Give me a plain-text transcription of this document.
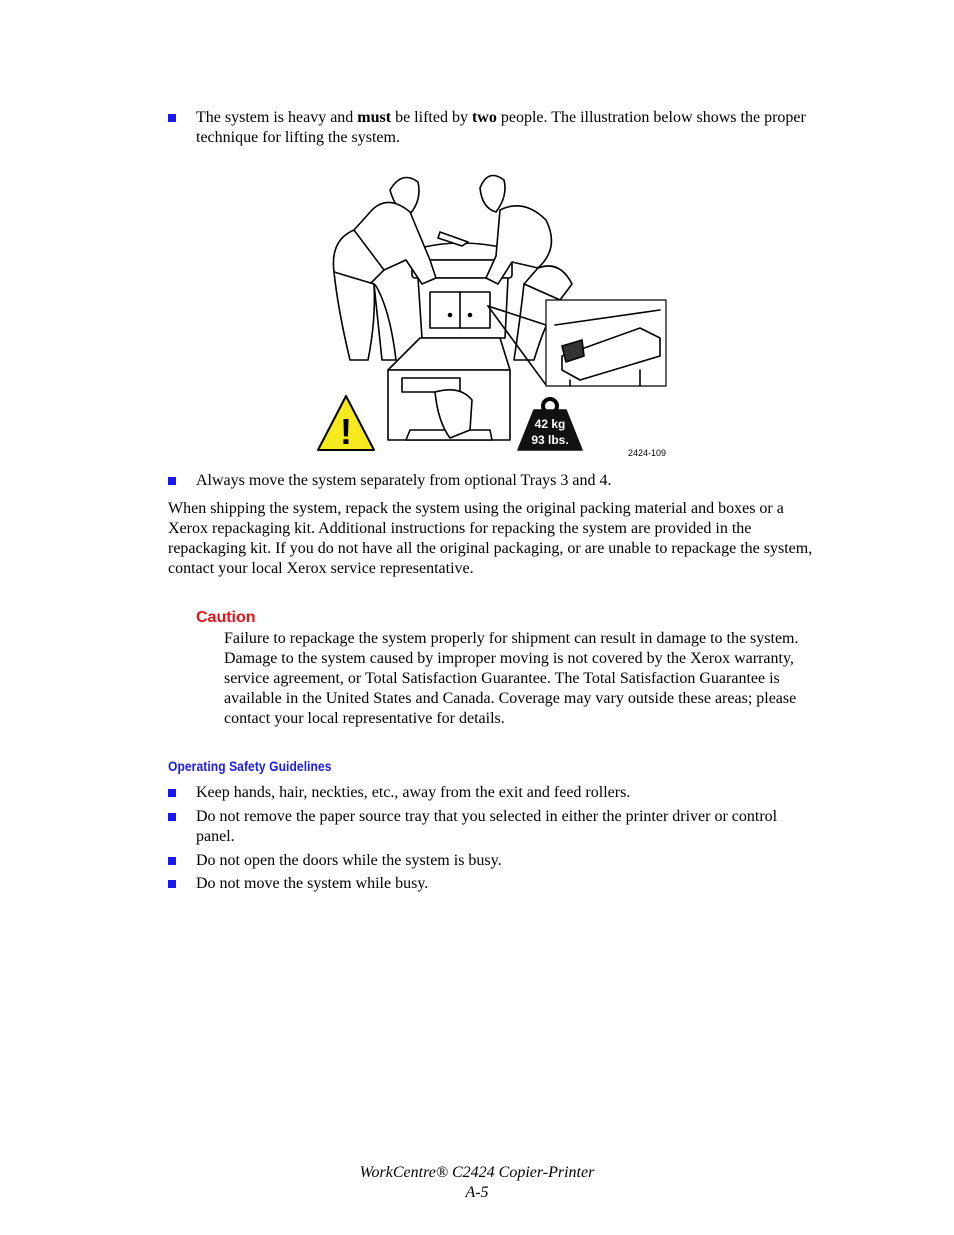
The system is heavy and must be lifted by two people. The illustration below shows the proper technique for lifting the system.
!	42 kg
93 lbs.
2424-109
Always move the system separately from optional Trays 3 and 4.
When shipping the system, repack the system using the original packing material and boxes or a Xerox repackaging kit. Additional instructions for repacking the system are provided in the repackaging kit. If you do not have all the original packaging, or are unable to repackage the system, contact your local Xerox service representative.
Caution
Failure to repackage the system properly for shipment can result in damage to the system. Damage to the system caused by improper moving is not covered by the Xerox warranty, service agreement, or Total Satisfaction Guarantee. The Total Satisfaction Guarantee is available in the United States and Canada. Coverage may vary outside these areas; please contact your local representative for details.
Operating Safety Guidelines
Keep hands, hair, neckties, etc., away from the exit and feed rollers.
Do not remove the paper source tray that you selected in either the printer driver or control panel.
Do not open the doors while the system is busy.
Do not move the system while busy.
WorkCentre® C2424 Copier-Printer
A-5
